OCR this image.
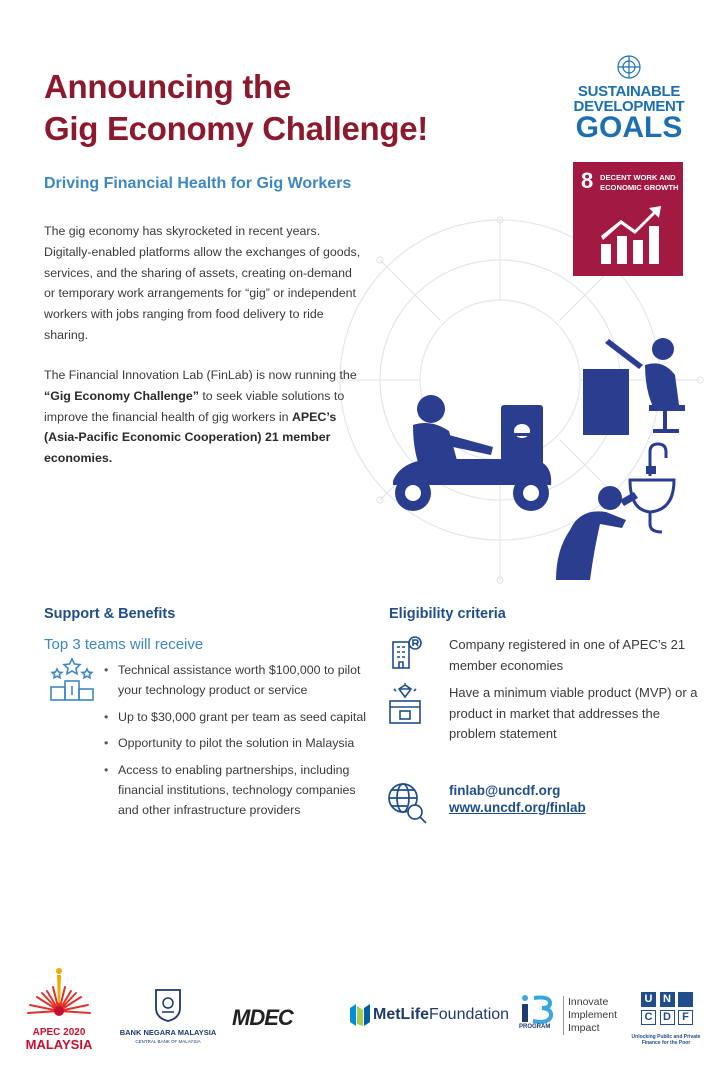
Announcing the
Gig Economy Challenge!
Driving Financial Health for Gig Workers
SUSTAINABLE
DEVELOPMENT
GOALS
8 DECENT WORK AND
ECONOMIC GROWTH
The gig economy has skyrocketed in recent years. Digitally-enabled platforms allow the exchanges of goods, services, and the sharing of assets, creating on-demand or temporary work arrangements for “gig” or independent workers with jobs ranging from food delivery to ride sharing.
The Financial Innovation Lab (FinLab) is now running the “Gig Economy Challenge” to seek viable solutions to improve the financial health of gig workers in APEC’s (Asia-Pacific Economic Cooperation) 21 member economies.
Support & Benefits
Top 3 teams will receive
• Technical assistance worth $100,000 to pilot your technology product or service
• Up to $30,000 grant per team as seed capital
• Opportunity to pilot the solution in Malaysia
• Access to enabling partnerships, including financial institutions, technology companies and other infrastructure providers
Eligibility criteria
Company registered in one of APEC’s 21 member economies
Have a minimum viable product (MVP) or a product in market that addresses the problem statement
finlab@uncdf.org
www.uncdf.org/finlab
APEC 2020
MALAYSIA
BANK NEGARA MALAYSIA
CENTRAL BANK OF MALAYSIA
MDEC	MetLifeFoundation
PROGRAM
Innovate
Implement
Impact
U N
C D	F
Unlocking Public and Private
Finance for the Poor
